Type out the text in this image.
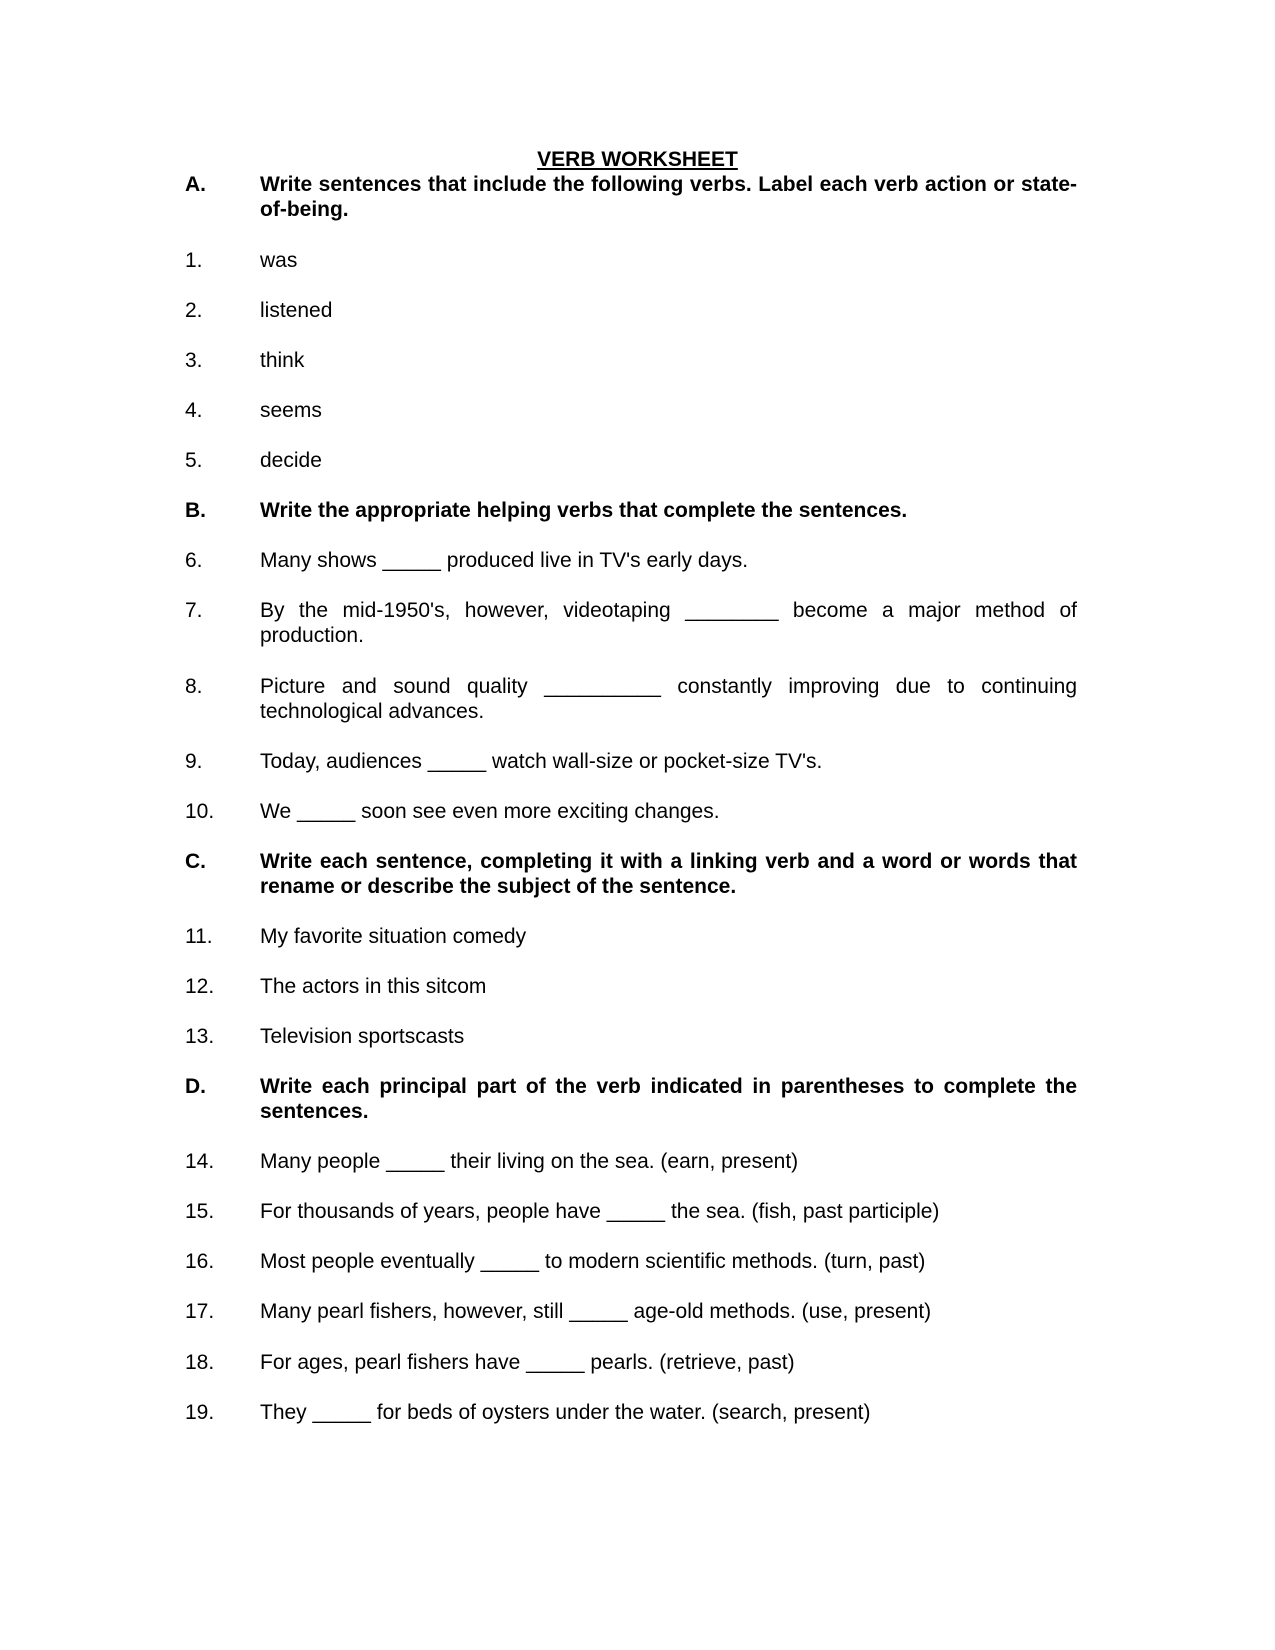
VERB WORKSHEET
A.	Write sentences that include the following verbs. Label each verb action or state-of-being.
1.	was
2.	listened
3.	think
4.	seems
5.	decide
B.	Write the appropriate helping verbs that complete the sentences.
6.	Many shows _____ produced live in TV's early days.
7.	By the mid-1950's, however, videotaping ________ become a major method of production.
8.	Picture and sound quality __________ constantly improving due to continuing technological advances.
9.	Today, audiences _____ watch wall-size or pocket-size TV's.
10. We _____ soon see even more exciting changes.
C.	Write each sentence, completing it with a linking verb and a word or words that rename or describe the subject of the sentence.
11. My favorite situation comedy
12. The actors in this sitcom
13. Television sportscasts
D.	Write each principal part of the verb indicated in parentheses to complete the sentences.
14. Many people _____ their living on the sea. (earn, present)
15. For thousands of years, people have _____ the sea. (fish, past participle)
16. Most people eventually _____ to modern scientific methods. (turn, past)
17. Many pearl fishers, however, still _____ age-old methods. (use, present)
18. For ages, pearl fishers have _____ pearls. (retrieve, past)
19. They _____ for beds of oysters under the water. (search, present)
